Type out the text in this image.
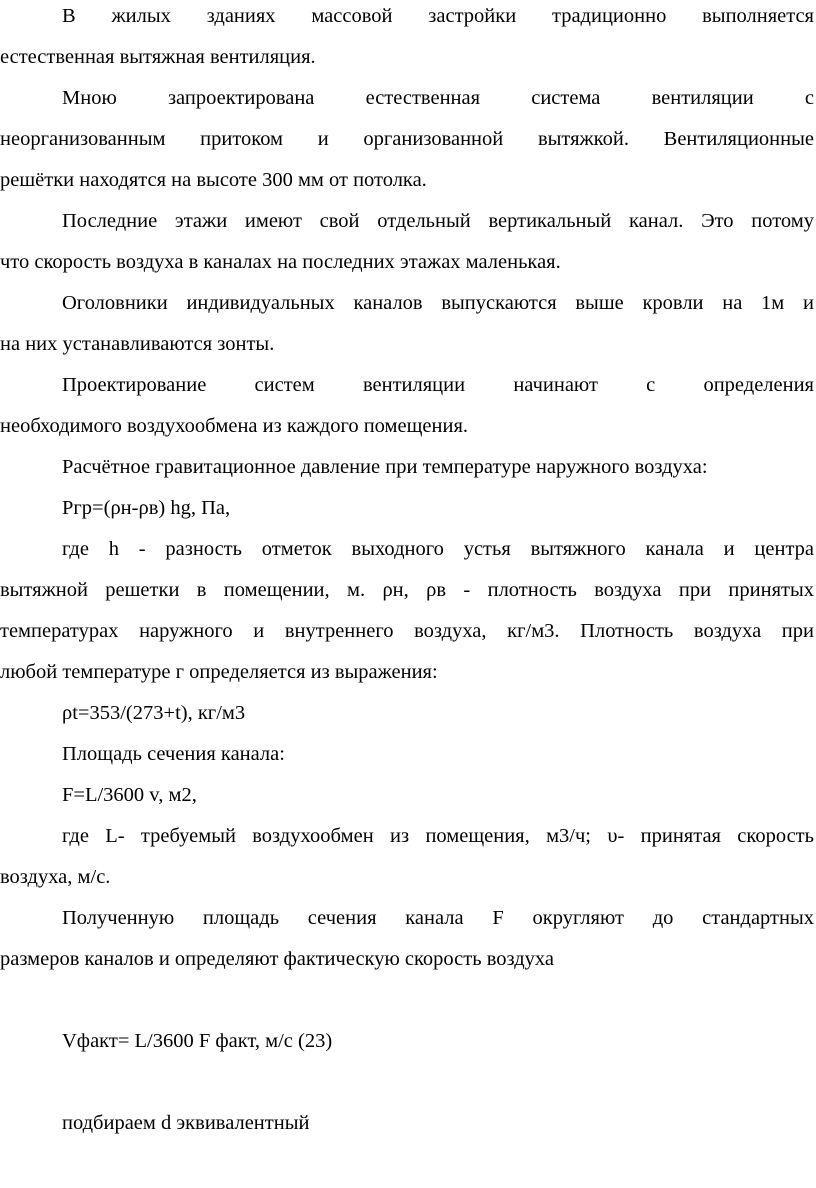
В жилых зданиях массовой застройки традиционно выполняется
естественная вытяжная вентиляция.
Мною запроектирована естественная система вентиляции с
неорганизованным притоком и организованной вытяжкой. Вентиляционные
решётки находятся на высоте 300 мм от потолка.
Последние этажи имеют свой отдельный вертикальный канал. Это потому
что скорость воздуха в каналах на последних этажах маленькая.
Оголовники индивидуальных каналов выпускаются выше кровли на 1м и
на них устанавливаются зонты.
Проектирование систем вентиляции начинают с определения
необходимого воздухообмена из каждого помещения.
Расчётное гравитационное давление при температуре наружного воздуха:
Ргр=(ρн-ρв) hg, Па,
где h - разность отметок выходного устья вытяжного канала и центра
вытяжной решетки в помещении, м. ρн, ρв - плотность воздуха при принятых
температурах наружного и внутреннего воздуха, кг/м3. Плотность воздуха при
любой температуре г определяется из выражения:
ρt=353/(273+t), кг/м3
Площадь сечения канала:
F=L/3600 v, м2,
где L- требуемый воздухообмен из помещения, м3/ч; υ- принятая скорость
воздуха, м/с.
Полученную площадь сечения канала F округляют до стандартных
размеров каналов и определяют фактическую скорость воздуха
Vфакт= L/3600 F факт, м/с (23)
подбираем d эквивалентный
